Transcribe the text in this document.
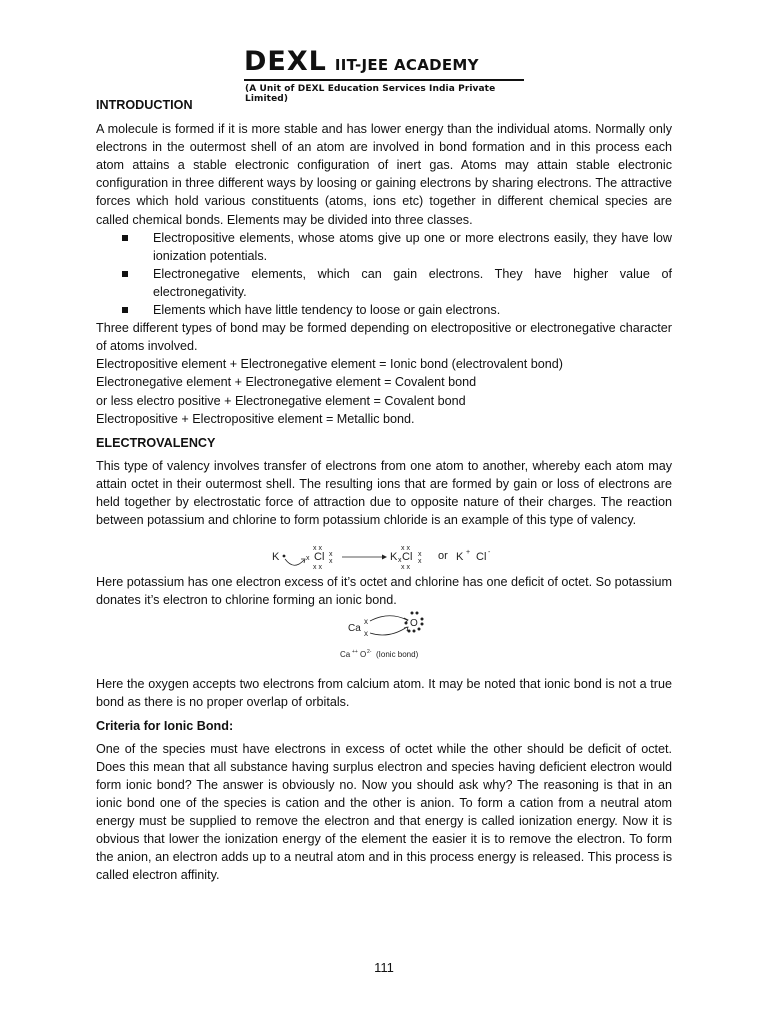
DEXL IIT-JEE ACADEMY
(A Unit of DEXL Education Services India Private Limited)
INTRODUCTION

A molecule is formed if it is more stable and has lower energy than the individual atoms. Normally only electrons in the outermost shell of an atom are involved in bond formation and in this process each atom attains a stable electronic configuration of inert gas. Atoms may attain stable electronic configuration in three different ways by loosing or gaining electrons by sharing electrons. The attractive forces which hold various constituents (atoms, ions etc) together in different chemical species are called chemical bonds. Elements may be divided into three classes.

Electropositive elements, whose atoms give up one or more electrons easily, they have low ionization potentials.
Electronegative elements, which can gain electrons. They have higher value of electronegativity.
Elements which have little tendency to loose or gain electrons.

Three different types of bond may be formed depending on electropositive or electronegative character of atoms involved.

Electropositive element + Electronegative element = Ionic bond (electrovalent bond)
Electronegative element + Electronegative element = Covalent bond
or less electro positive + Electronegative element = Covalent bond
Electropositive + Electropositive element = Metallic bond.
ELECTROVALENCY

This type of valency involves transfer of electrons from one atom to another, whereby each atom may attain octet in their outermost shell. The resulting ions that are formed by gain or loss of electrons are held together by electrostatic force of attraction due to opposite nature of their charges. The reaction between potassium and chlorine to form potassium chloride is an example of this type of valency.

K	x Cl
x x
x x
x
x	K x Cl
x x
x x
x
x or K + Cl -

Here potassium has one electron excess of it’s octet and chlorine has one deficit of octet. So potassium donates it’s electron to chlorine forming an ionic bond.

Ca
x
x
O
Ca ++ O 2- (Ionic bond)

Here the oxygen accepts two electrons from calcium atom. It may be noted that ionic bond is not a true bond as there is no proper overlap of orbitals.

Criteria for Ionic Bond:

One of the species must have electrons in excess of octet while the other should be deficit of octet. Does this mean that all substance having surplus electron and species having deficient electron would form ionic bond? The answer is obviously no. Now you should ask why? The reasoning is that in an ionic bond one of the species is cation and the other is anion. To form a cation from a neutral atom energy must be supplied to remove the electron and that energy is called ionization energy. Now it is obvious that lower the ionization energy of the element the easier it is to remove the electron. To form the anion, an electron adds up to a neutral atom and in this process energy is released. This process is called electron affinity.

111
